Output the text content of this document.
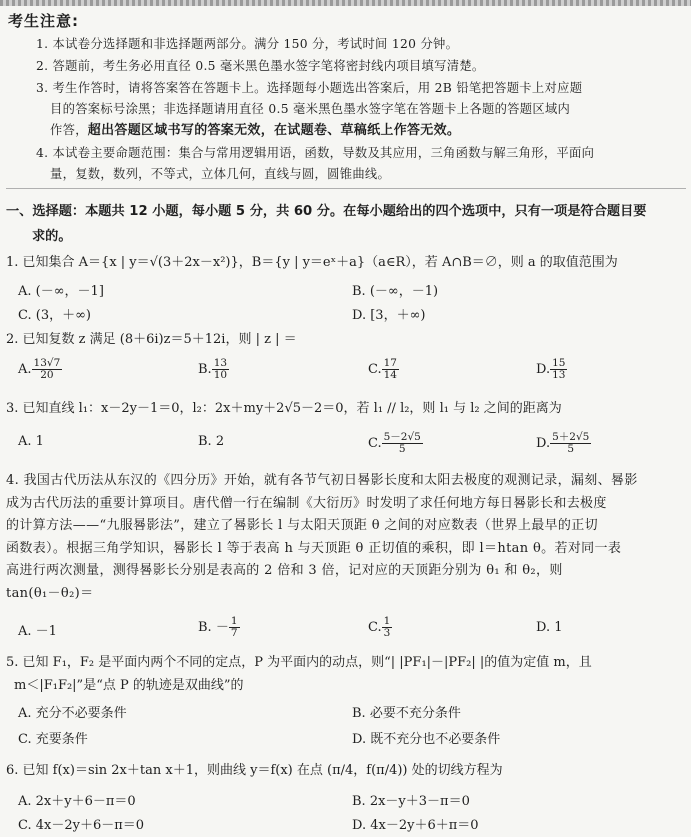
考生注意:
1. 本试卷分选择题和非选择题两部分。满分 150 分，考试时间 120 分钟。
2. 答题前，考生务必用直径 0.5 毫米黑色墨水签字笔将密封线内项目填写清楚。
3. 考生作答时，请将答案答在答题卡上。选择题每小题选出答案后，用 2B 铅笔把答题卡上对应题
目的答案标号涂黑；非选择题请用直径 0.5 毫米黑色墨水签字笔在答题卡上各题的答题区域内
作答，超出答题区域书写的答案无效，在试题卷、草稿纸上作答无效。
4. 本试卷主要命题范围：集合与常用逻辑用语，函数，导数及其应用，三角函数与解三角形，平面向
量，复数，数列，不等式，立体几何，直线与圆，圆锥曲线。
一、选择题：本题共 12 小题，每小题 5 分，共 60 分。在每小题给出的四个选项中，只有一项是符合题目要
求的。
1. 已知集合 A＝{x | y＝√(3＋2x－x²)}，B＝{y | y＝eˣ＋a}（a∈R），若 A∩B＝∅，则 a 的取值范围为
A. (－∞，－1]	B. (－∞，－1)
C. (3，＋∞)	D. [3，＋∞)
2. 已知复数 z 满足 (8＋6i)z＝5＋12i，则 | z | ＝
A. $\frac{13√7}{20}$	B. $\frac{13}{10}$	C. $\frac{17}{14}$	D. $\frac{15}{13}$
3. 已知直线 l₁：x－2y－1＝0，l₂：2x＋my＋2√5－2＝0，若 l₁ // l₂，则 l₁ 与 l₂ 之间的距离为
A. 1	B. 2	C. $\frac{5-2√5}{5}$	D. $\frac{5+2√5}{5}$
4. 我国古代历法从东汉的《四分历》开始，就有各节气初日晷影长度和太阳去极度的观测记录，漏刻、晷影
成为古代历法的重要计算项目。唐代僧一行在编制《大衍历》时发明了求任何地方每日晷影长和去极度
的计算方法——“九服晷影法”，建立了晷影长 l 与太阳天顶距 θ 之间的对应数表（世界上最早的正切
函数表）。根据三角学知识，晷影长 l 等于表高 h 与天顶距 θ 正切值的乘积，即 l＝htan θ。若对同一表
高进行两次测量，测得晷影长分别是表高的 2 倍和 3 倍，记对应的天顶距分别为 θ₁ 和 θ₂，则
tan(θ₁－θ₂)＝
A. －1	B. － $\frac{1}{7}$	C. $\frac{1}{3}$	D. 1
5. 已知 F₁，F₂ 是平面内两个不同的定点，P 为平面内的动点，则“| |PF₁|－|PF₂| |的值为定值 m，且
m＜|F₁F₂|”是“点 P 的轨迹是双曲线”的
A. 充分不必要条件	B. 必要不充分条件
C. 充要条件	D. 既不充分也不必要条件
6. 已知 f(x)＝sin 2x＋tan x＋1，则曲线 y＝f(x) 在点 (π/4，f(π/4)) 处的切线方程为
A. 2x＋y＋6－π＝0	B. 2x－y＋3－π＝0
C. 4x－2y＋6－π＝0	D. 4x－2y＋6＋π＝0
